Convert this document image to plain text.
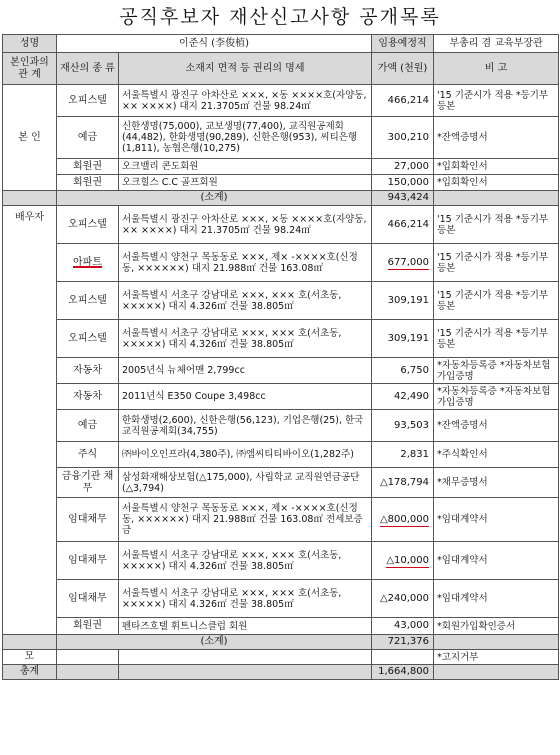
공직후보자 재산신고사항 공개목록
성명	이준식 (李俊植)		임용예정직	부총리 겸 교육부장관
본인과의 관 계	재산의 종 류	소재지 면적 등 권리의 명세	가액 (천원)	비 고
본 인	오피스텔	서울특별시 광진구 아차산로 ×××, ×동 ××××호(자양동, ×× ××××) 대지 21.3705㎡ 건물 98.24㎡	466,214	'15 기준시가 적용 *등기부등본
	예금	신한생명(75,000), 교보생명(77,400), 교직원공제회(44,482), 한화생명(90,289), 신한은행(953), 씨티은행(1,811), 농협은행(10,275)	300,210	*잔액증명서
	회원권	오크밸리 콘도회원	27,000	*입회확인서
	회원권	오크힐스 C.C 골프회원	150,000	*입회확인서
	(소계)		943,424	
배우자	오피스텔	서울특별시 광진구 아차산로 ×××, ×동 ××××호(자양동, ×× ××××) 대지 21.3705㎡ 건물 98.24㎡	466,214	'15 기준시가 적용 *등기부등본
	아파트	서울특별시 양천구 목동동로 ×××, 제× -××××호(신정동, ××××××) 대지 21.988㎡ 건물 163.08㎡	677,000	'15 기준시가 적용 *등기부등본
	오피스텔	서울특별시 서초구 강남대로 ×××, ××× 호(서초동, ×××××) 대지 4.326㎡ 건물 38.805㎡	309,191	'15 기준시가 적용 *등기부등본
	오피스텔	서울특별시 서초구 강남대로 ×××, ××× 호(서초동, ×××××) 대지 4.326㎡ 건물 38.805㎡	309,191	'15 기준시가 적용 *등기부등본
	자동차	2005년식 뉴체어맨 2,799cc	6,750	*자동차등록증 *자동차보험 가입증명
	자동차	2011년식 E350 Coupe 3,498cc	42,490	*자동차등록증 *자동차보험 가입증명
	예금	한화생명(2,600), 신한은행(56,123), 기업은행(25), 한국교직원공제회(34,755)	93,503	*잔액증명서
	주식	㈜바이오인프라(4,380주), ㈜엠씨티티바이오(1,282주)	2,831	*주식확인서
	금융기관 채무	삼성화재해상보험(△175,000), 사립학교 교직원연금공단(△3,794)	△178,794	*채무증명서
	임대채무	서울특별시 양천구 목동동로 ×××, 제× -××××호(신정동, ××××××) 대지 21.988㎡ 건물 163.08㎡ 전세보증금	△800,000	*임대계약서
	임대채무	서울특별시 서초구 강남대로 ×××, ××× 호(서초동, ×××××) 대지 4.326㎡ 건물 38.805㎡	△10,000	*임대계약서
	임대채무	서울특별시 서초구 강남대로 ×××, ××× 호(서초동, ×××××) 대지 4.326㎡ 건물 38.805㎡	△240,000	*임대계약서
	회원권	펜타즈호텔 휘트니스클럽 회원	43,000	*회원가입확인증서
	(소계)		721,376	
모				*고지거부
총계			1,664,800	
